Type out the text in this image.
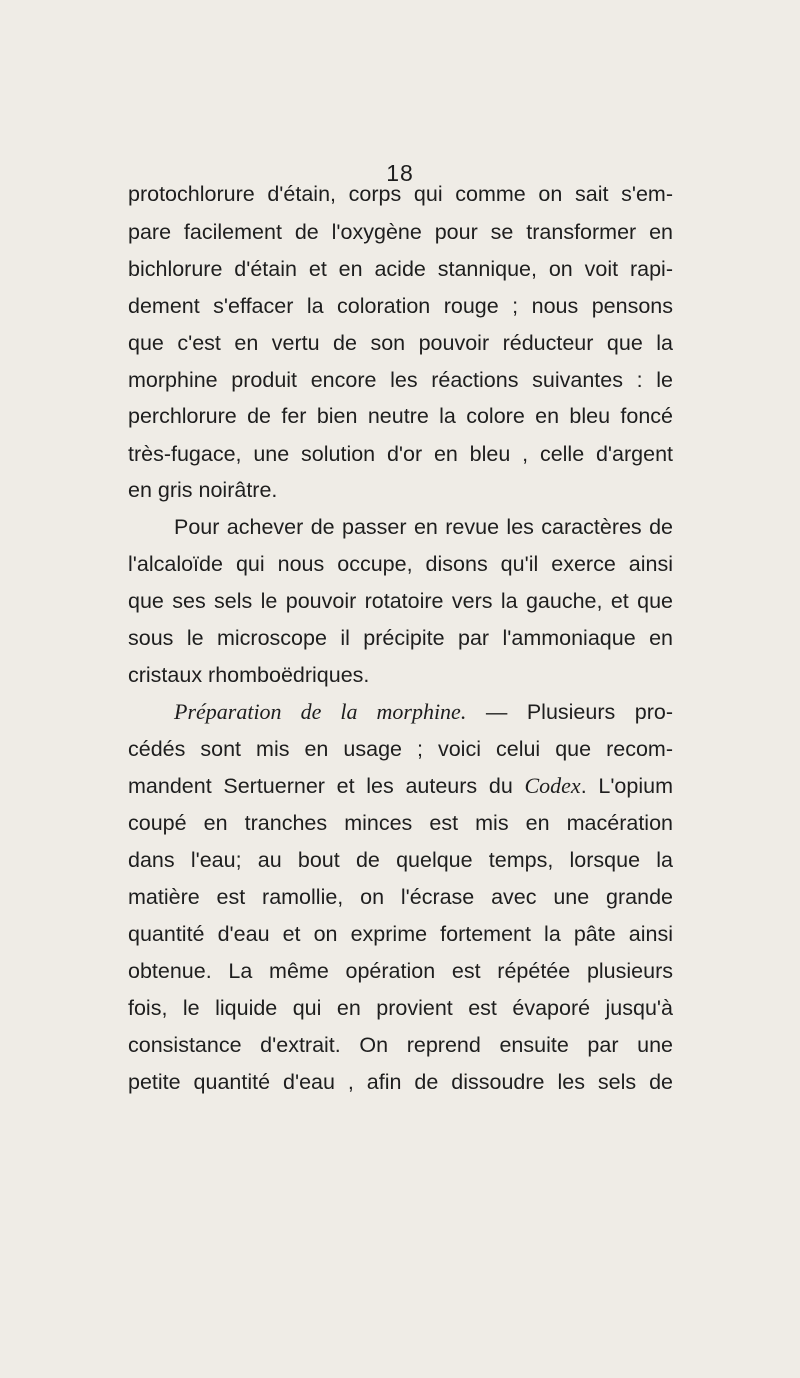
18
protochlorure d'étain, corps qui comme on sait s'em-
pare facilement de l'oxygène pour se transformer en
bichlorure d'étain et en acide stannique, on voit rapi-
dement s'effacer la coloration rouge ; nous pensons
que c'est en vertu de son pouvoir réducteur que la
morphine produit encore les réactions suivantes : le
perchlorure de fer bien neutre la colore en bleu foncé
très-fugace, une solution d'or en bleu , celle d'argent
en gris noirâtre.
Pour achever de passer en revue les caractères de
l'alcaloïde qui nous occupe, disons qu'il exerce ainsi
que ses sels le pouvoir rotatoire vers la gauche, et que
sous le microscope il précipite par l'ammoniaque en
cristaux rhomboëdriques.
Préparation de la morphine. — Plusieurs pro-
cédés sont mis en usage ; voici celui que recom-
mandent Sertuerner et les auteurs du Codex. L'opium
coupé en tranches minces est mis en macération
dans l'eau; au bout de quelque temps, lorsque la
matière est ramollie, on l'écrase avec une grande
quantité d'eau et on exprime fortement la pâte ainsi
obtenue. La même opération est répétée plusieurs
fois, le liquide qui en provient est évaporé jusqu'à
consistance d'extrait. On reprend ensuite par une
petite quantité d'eau , afin de dissoudre les sels de
